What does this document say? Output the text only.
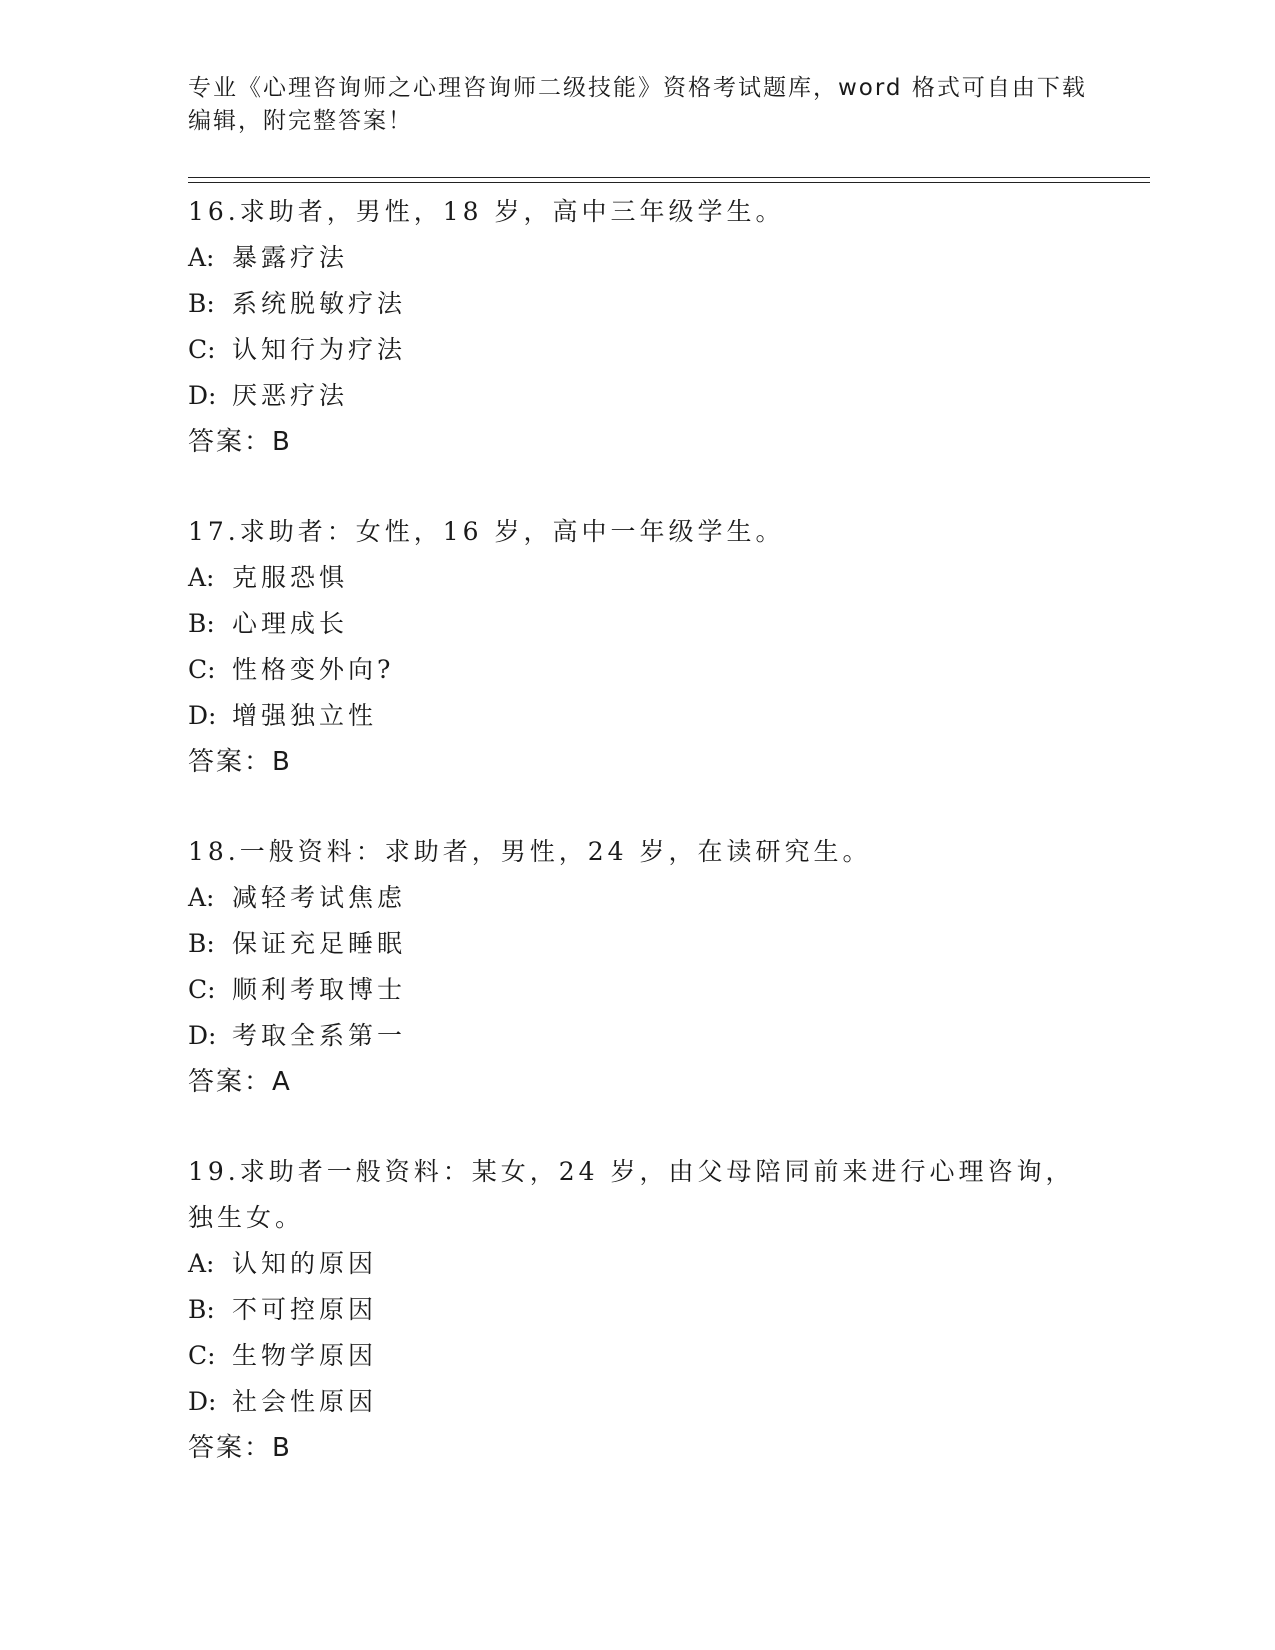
专业《心理咨询师之心理咨询师二级技能》资格考试题库，word 格式可自由下载
编辑，附完整答案！
16.求助者，男性，18 岁，高中三年级学生。
A: 暴露疗法
B: 系统脱敏疗法
C: 认知行为疗法
D: 厌恶疗法
答案：B
17.求助者：女性，16 岁，高中一年级学生。
A: 克服恐惧
B: 心理成长
C: 性格变外向?
D: 增强独立性
答案：B
18.一般资料：求助者，男性，24 岁，在读研究生。
A: 减轻考试焦虑
B: 保证充足睡眠
C: 顺利考取博士
D: 考取全系第一
答案：A
19.求助者一般资料：某女，24 岁，由父母陪同前来进行心理咨询，独生女。
A: 认知的原因
B: 不可控原因
C: 生物学原因
D: 社会性原因
答案：B
